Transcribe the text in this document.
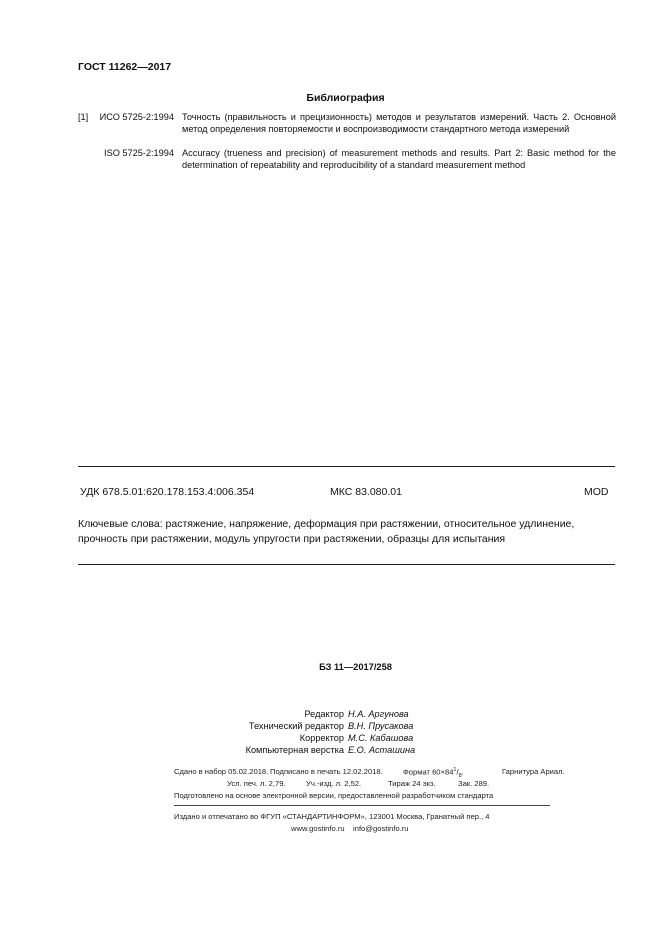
ГОСТ 11262—2017
Библиография
[1]	ИСО 5725-2:1994 Точность (правильность и прецизионность) методов и результатов измерений. Часть 2. Основной метод определения повторяемости и воспроизводимости стандартного метода измерений
ISO 5725-2:1994 Accuracy (trueness and precision) of measurement methods and results. Part 2: Basic method for the determination of repeatability and reproducibility of a standard measurement method
УДК 678.5.01:620.178.153.4:006.354	МКС 83.080.01	MOD
Ключевые слова: растяжение, напряжение, деформация при растяжении, относительное удлинение, прочность при растяжении, модуль упругости при растяжении, образцы для испытания
БЗ 11—2017/258
Редактор Н.А. Аргунова
Технический редактор В.Н. Прусакова
Корректор М.С. Кабашова
Компьютерная верстка Е.О. Асташина
Сдано в набор 05.02.2018. Подписано в печать 12.02.2018.	Формат $60\times 84^1/_8$.	Гарнитура Ариал.
Усл. печ. л. 2,79.	Уч.-изд. л. 2,52.	Тираж 24 экз.	Зак. 289.
Подготовлено на основе электронной версии, предоставленной разработчиком стандарта
Издано и отпечатано во ФГУП «СТАНДАРТИНФОРМ», 123001 Москва, Гранатный пер., 4
www.gostinfo.ru    info@gostinfo.ru
